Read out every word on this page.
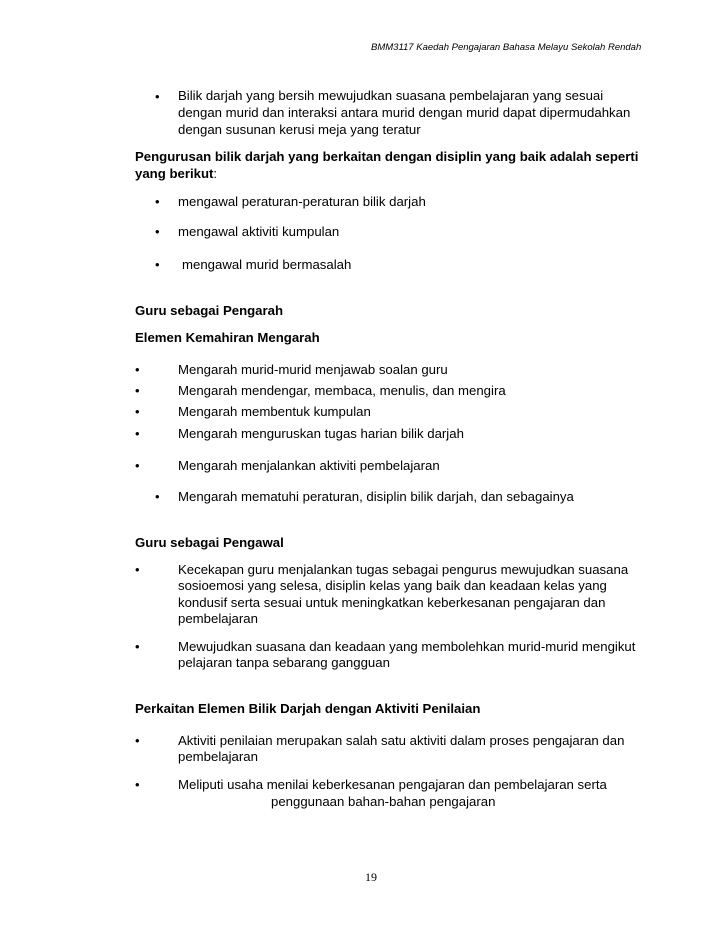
BMM3117 Kaedah Pengajaran Bahasa Melayu Sekolah Rendah
• Bilik darjah yang bersih mewujudkan suasana pembelajaran yang sesuai
dengan murid dan interaksi antara murid dengan murid dapat dipermudahkan
dengan susunan kerusi meja yang teratur
Pengurusan bilik darjah yang berkaitan dengan disiplin yang baik adalah seperti
yang berikut:
• mengawal peraturan-peraturan bilik darjah
• mengawal aktiviti kumpulan
• mengawal murid bermasalah
Guru sebagai Pengarah
Elemen Kemahiran Mengarah
•	Mengarah murid-murid menjawab soalan guru
•	Mengarah mendengar, membaca, menulis, dan mengira
•	Mengarah membentuk kumpulan
•	Mengarah menguruskan tugas harian bilik darjah
•	Mengarah menjalankan aktiviti pembelajaran
• Mengarah mematuhi peraturan, disiplin bilik darjah, dan sebagainya
Guru sebagai Pengawal
•	Kecekapan guru menjalankan tugas sebagai pengurus mewujudkan suasana
sosioemosi yang selesa, disiplin kelas yang baik dan keadaan kelas yang
kondusif serta sesuai untuk meningkatkan keberkesanan pengajaran dan
pembelajaran
•	Mewujudkan suasana dan keadaan yang membolehkan murid-murid mengikut
pelajaran tanpa sebarang gangguan
Perkaitan Elemen Bilik Darjah dengan Aktiviti Penilaian
•	Aktiviti penilaian merupakan salah satu aktiviti dalam proses pengajaran dan
pembelajaran
•	Meliputi usaha menilai keberkesanan pengajaran dan pembelajaran serta
penggunaan bahan-bahan pengajaran
19
